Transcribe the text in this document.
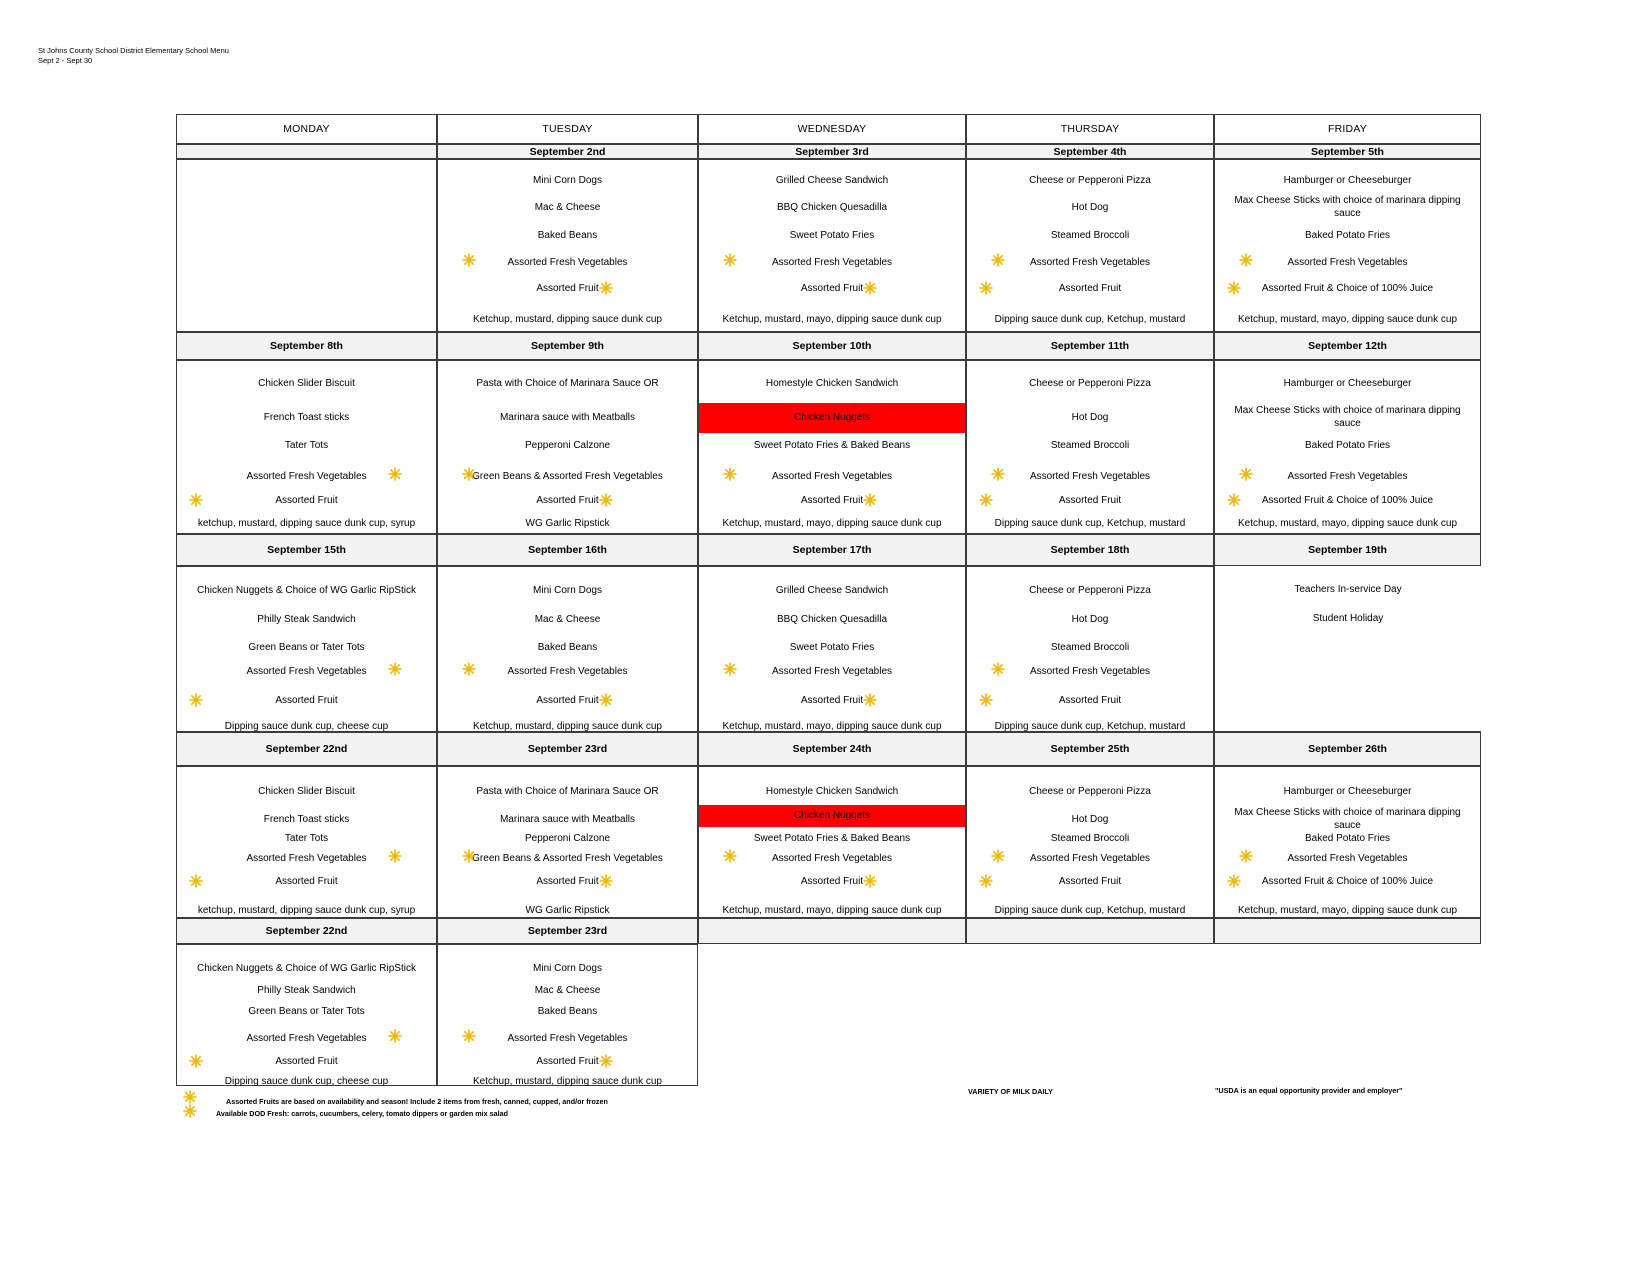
St Johns County School District Elementary School Menu
Sept 2 - Sept 30
MONDAY	TUESDAY	WEDNESDAY	THURSDAY	FRIDAY
September 2nd
Mini Corn Dogs
Mac & Cheese
Baked Beans
Assorted Fresh Vegetables
Assorted Fruit
Ketchup, mustard, dipping sauce dunk cup
September 3rd
Grilled Cheese Sandwich
BBQ Chicken Quesadilla
Sweet Potato Fries
Assorted Fresh Vegetables
Assorted Fruit
Ketchup, mustard, mayo, dipping sauce dunk cup
September 4th
Cheese or Pepperoni Pizza
Hot Dog
Steamed Broccoli
Assorted Fresh Vegetables
Assorted Fruit
Dipping sauce dunk cup, Ketchup, mustard
September 5th
Hamburger or Cheeseburger
Max Cheese Sticks with choice of marinara dipping sauce
Baked Potato Fries
Assorted Fresh Vegetables
Assorted Fruit & Choice of 100% Juice
Ketchup, mustard, mayo, dipping sauce dunk cup
September 8th
Chicken Slider Biscuit
French Toast sticks
Tater Tots
Assorted Fresh Vegetables
Assorted Fruit
ketchup, mustard, dipping sauce dunk cup, syrup
September 9th
Pasta with Choice of Marinara Sauce OR
Marinara sauce with Meatballs
Pepperoni Calzone
Green Beans & Assorted Fresh Vegetables
Assorted Fruit
WG Garlic Ripstick
September 10th
Homestyle Chicken Sandwich
Chicken Nuggets
Sweet Potato Fries & Baked Beans
Assorted Fresh Vegetables
Assorted Fruit
Ketchup, mustard, mayo, dipping sauce dunk cup
September 11th
Cheese or Pepperoni Pizza
Hot Dog
Steamed Broccoli
Assorted Fresh Vegetables
Assorted Fruit
Dipping sauce dunk cup, Ketchup, mustard
September 12th
Hamburger or Cheeseburger
Max Cheese Sticks with choice of marinara dipping sauce
Baked Potato Fries
Assorted Fresh Vegetables
Assorted Fruit & Choice of 100% Juice
Ketchup, mustard, mayo, dipping sauce dunk cup
September 15th
Chicken Nuggets & Choice of WG Garlic RipStick
Philly Steak Sandwich
Green Beans or Tater Tots
Assorted Fresh Vegetables
Assorted Fruit
Dipping sauce dunk cup, cheese cup
September 16th
Mini Corn Dogs
Mac & Cheese
Baked Beans
Assorted Fresh Vegetables
Assorted Fruit
Ketchup, mustard, dipping sauce dunk cup
September 17th
Grilled Cheese Sandwich
BBQ Chicken Quesadilla
Sweet Potato Fries
Assorted Fresh Vegetables
Assorted Fruit
Ketchup, mustard, mayo, dipping sauce dunk cup
September 18th
Cheese or Pepperoni Pizza
Hot Dog
Steamed Broccoli
Assorted Fresh Vegetables
Assorted Fruit
Dipping sauce dunk cup, Ketchup, mustard
September 19th
Teachers In-service Day
Student Holiday
September 22nd
Chicken Slider Biscuit
French Toast sticks
Tater Tots
Assorted Fresh Vegetables
Assorted Fruit
ketchup, mustard, dipping sauce dunk cup, syrup
September 23rd
Pasta with Choice of Marinara Sauce OR
Marinara sauce with Meatballs
Pepperoni Calzone
Green Beans & Assorted Fresh Vegetables
Assorted Fruit
WG Garlic Ripstick
September 24th
Homestyle Chicken Sandwich
Chicken Nuggets
Sweet Potato Fries & Baked Beans
Assorted Fresh Vegetables
Assorted Fruit
Ketchup, mustard, mayo, dipping sauce dunk cup
September 25th
Cheese or Pepperoni Pizza
Hot Dog
Steamed Broccoli
Assorted Fresh Vegetables
Assorted Fruit
Dipping sauce dunk cup, Ketchup, mustard
September 26th
Hamburger or Cheeseburger
Max Cheese Sticks with choice of marinara dipping sauce
Baked Potato Fries
Assorted Fresh Vegetables
Assorted Fruit & Choice of 100% Juice
Ketchup, mustard, mayo, dipping sauce dunk cup
September 22nd
Chicken Nuggets & Choice of WG Garlic RipStick
Philly Steak Sandwich
Green Beans or Tater Tots
Assorted Fresh Vegetables
Assorted Fruit
Dipping sauce dunk cup, cheese cup
September 23rd
Mini Corn Dogs
Mac & Cheese
Baked Beans
Assorted Fresh Vegetables
Assorted Fruit
Ketchup, mustard, dipping sauce dunk cup
Assorted Fruits are based on availability and season! Include 2 items from fresh, canned, cupped, and/or frozen
Available DOD Fresh: carrots, cucumbers, celery, tomato dippers or garden mix salad
VARIETY OF MILK DAILY	"USDA is an equal opportunity provider and employer"
